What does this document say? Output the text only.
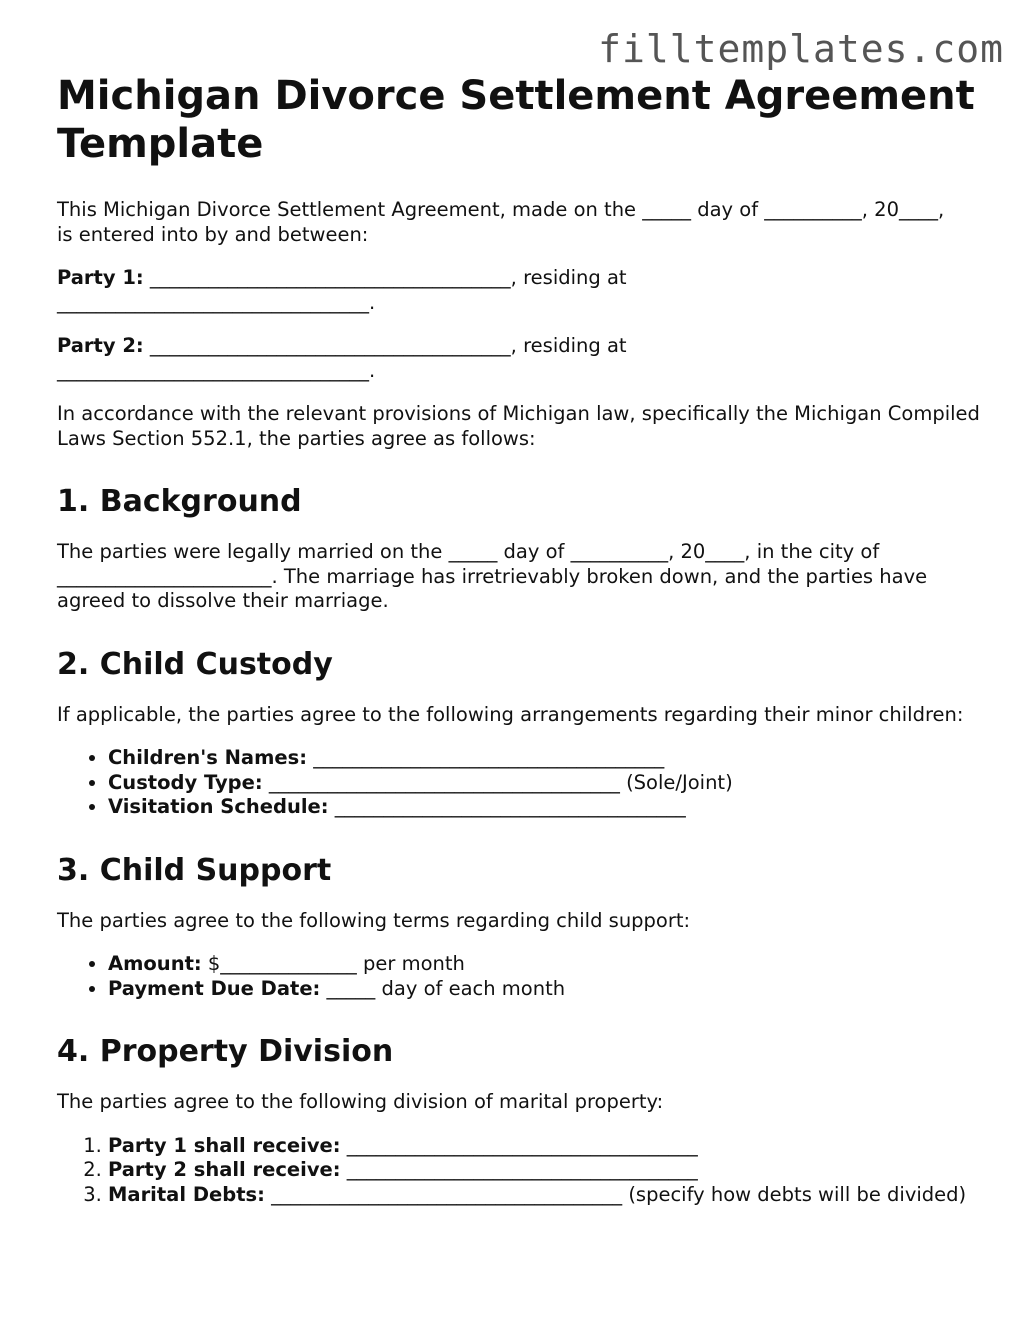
filltemplates.com
Michigan Divorce Settlement Agreement Template

This Michigan Divorce Settlement Agreement, made on the _____ day of __________, 20____,
is entered into by and between:

Party 1: _____________________________________, residing at
________________________________.

Party 2: _____________________________________, residing at
________________________________.

In accordance with the relevant provisions of Michigan law, specifically the Michigan Compiled Laws Section 552.1, the parties agree as follows:

1. Background

The parties were legally married on the _____ day of __________, 20____, in the city of
______________________. The marriage has irretrievably broken down, and the parties have
agreed to dissolve their marriage.

2. Child Custody

If applicable, the parties agree to the following arrangements regarding their minor children:

• Children's Names: ____________________________________
• Custody Type: ____________________________________ (Sole/Joint)
• Visitation Schedule: ____________________________________
3. Child Support

The parties agree to the following terms regarding child support:

• Amount: $______________ per month
• Payment Due Date: _____ day of each month
4. Property Division

The parties agree to the following division of marital property:

1. Party 1 shall receive: ____________________________________
2. Party 2 shall receive: ____________________________________
3. Marital Debts: ____________________________________ (specify how debts will be divided)
